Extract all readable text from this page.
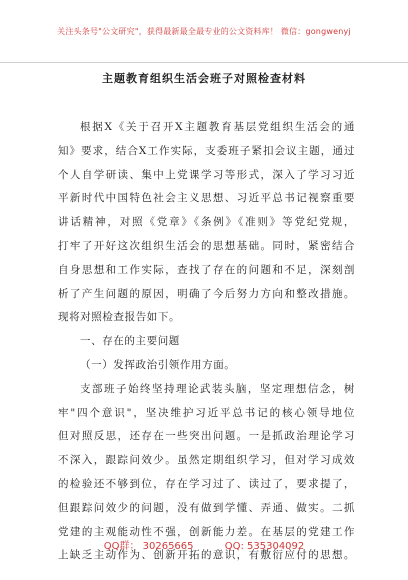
关注头条号"公文研究"，获得最新最全最专业的公文资料库！ 微信：gongwenyj
主题教育组织生活会班子对照检查材料
根据X《关于召开X主题教育基层党组织生活会的通
知》要求，结合X工作实际，支委班子紧扣会议主题，通过
个人自学研读、集中上党课学习等形式，深入了学习习近
平新时代中国特色社会主义思想、习近平总书记视察重要
讲话精神，对照《党章》《条例》《准则》等党纪党规，
打牢了开好这次组织生活会的思想基础。同时，紧密结合
自身思想和工作实际，查找了存在的问题和不足，深刻剖
析了产生问题的原因，明确了今后努力方向和整改措施。
现将对照检查报告如下。
一、存在的主要问题
（一）发挥政治引领作用方面。
支部班子始终坚持理论武装头脑，坚定理想信念，树
牢"四个意识"，坚决维护习近平总书记的核心领导地位
但对照反思，还存在一些突出问题。一是抓政治理论学习
不深入，跟踪问效少。虽然定期组织学习，但对学习成效
的检验还不够到位，存在学习过了、读过了，要求提了，
但跟踪问效少的问题，没有做到学懂、弄通、做实。二抓
党建的主观能动性不强，创新能力差。在基层的党建工作
上缺乏主动作为、创新开拓的意识，有敷衍应付的思想。
QQ群： 30265665	QQ: 535304092
